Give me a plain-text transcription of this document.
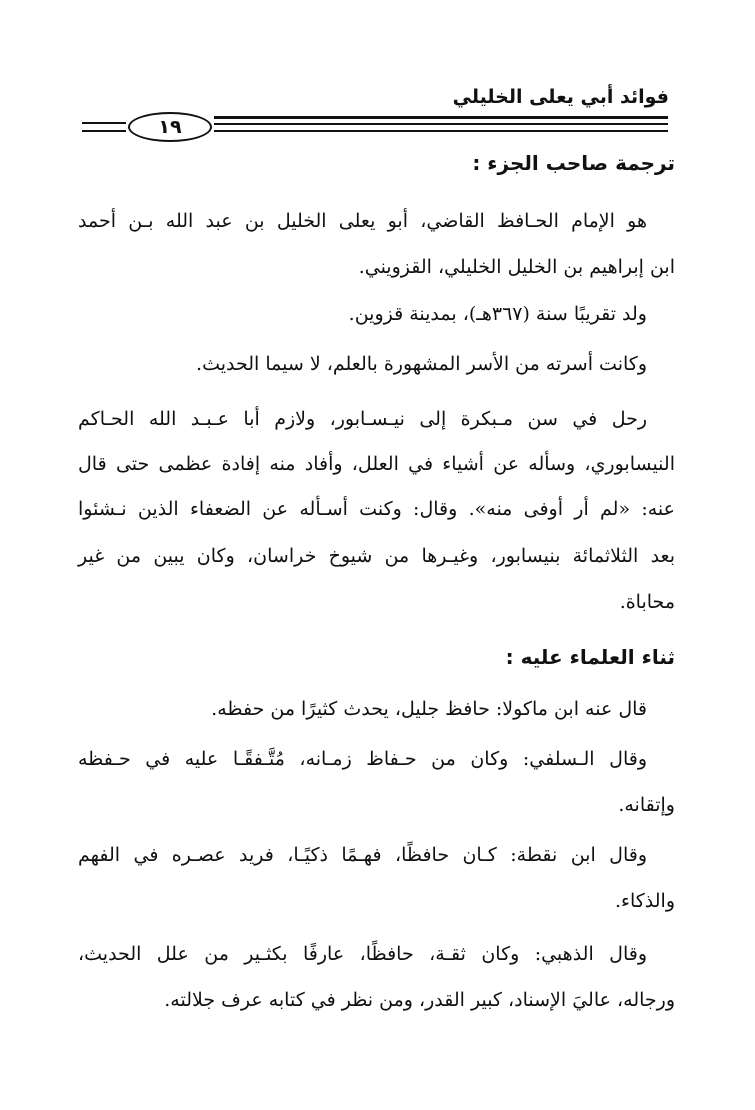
فوائد أبي يعلى الخليلي
١٩
ترجمة صاحب الجزء :
هو الإمام الحـافظ القاضي، أبو يعلى الخليل بن عبد الله بـن أحمد
ابن إبراهيم بن الخليل الخليلي، القزويني.
ولد تقريبًا سنة (٣٦٧هـ)، بمدينة قزوين.
وكانت أسرته من الأسر المشهورة بالعلم، لا سيما الحديث.
رحل في سن مـبكرة إلى نيـسـابور، ولازم أبا عـبـد الله الحـاكم
النيسابوري، وسأله عن أشياء في العلل، وأفاد منه إفادة عظمى حتى قال
عنه: «لم أر أوفى منه». وقال: وكنت أسـأله عن الضعفاء الذين نـشئوا
بعد الثلاثمائة بنيسابور، وغيـرها من شيوخ خراسان، وكان يبين من غير
محاباة.
ثناء العلماء عليه :
قال عنه ابن ماكولا: حافظ جليل، يحدث كثيرًا من حفظه.
وقال الـسلفي: وكان من حـفاظ زمـانه، مُتَّـفقًـا عليه في حـفظه
وإتقانه.
وقال ابن نقطة: كـان حافظًا، فهـمًا ذكيًـا، فريد عصـره في الفهم
والذكاء.
وقال الذهبي: وكان ثقـة، حافظًا، عارفًا بكثـير من علل الحديث،
ورجاله، عاليَ الإسناد، كبير القدر، ومن نظر في كتابه عرف جلالته.
